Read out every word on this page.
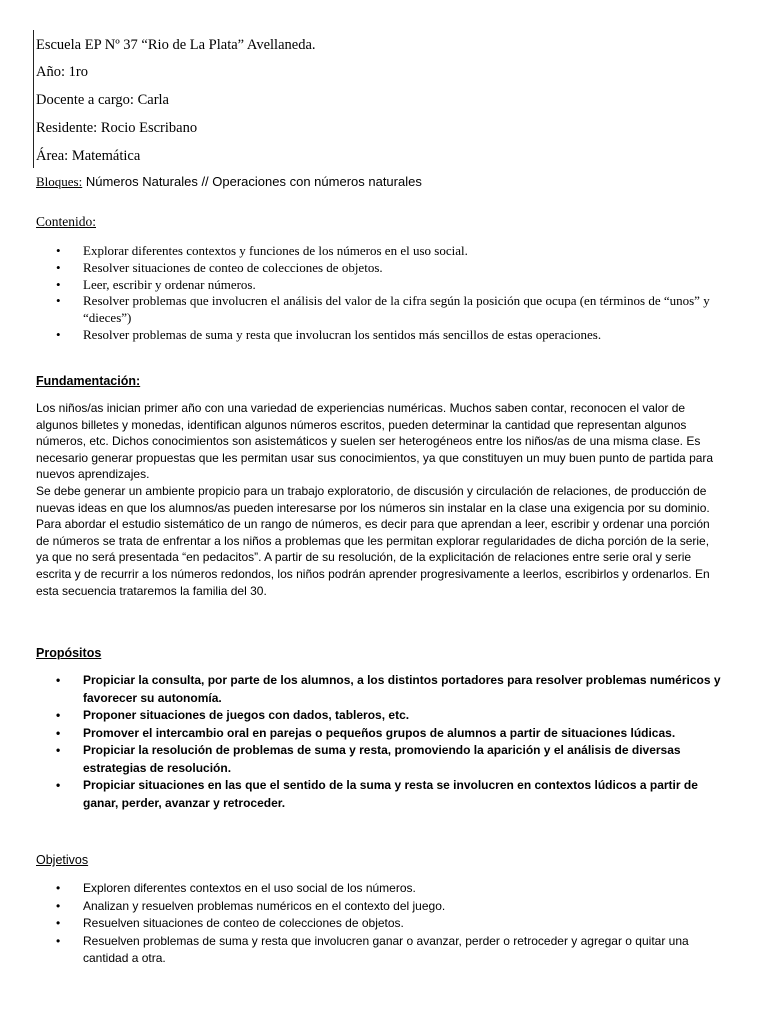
Escuela EP Nº 37 “Rio de La Plata” Avellaneda.
Año: 1ro
Docente a cargo: Carla
Residente: Rocio Escribano
Área: Matemática
Bloques: Números Naturales // Operaciones con números naturales
Contenido:
• Explorar diferentes contextos y funciones de los números en el uso social.
• Resolver situaciones de conteo de colecciones de objetos.
• Leer, escribir y ordenar números.
• Resolver problemas que involucren el análisis del valor de la cifra según la posición que ocupa (en términos de “unos” y “dieces”)
• Resolver problemas de suma y resta que involucran los sentidos más sencillos de estas operaciones.
Fundamentación:

Los niños/as inician primer año con una variedad de experiencias numéricas. Muchos saben contar, reconocen el valor de algunos billetes y monedas, identifican algunos números escritos, pueden determinar la cantidad que representan algunos números, etc. Dichos conocimientos son asistemáticos y suelen ser heterogéneos entre los niños/as de una misma clase. Es necesario generar propuestas que les permitan usar sus conocimientos, ya que constituyen un muy buen punto de partida para nuevos aprendizajes.

Se debe generar un ambiente propicio para un trabajo exploratorio, de discusión y circulación de relaciones, de producción de nuevas ideas en que los alumnos/as pueden interesarse por los números sin instalar en la clase una exigencia por su dominio.

Para abordar el estudio sistemático de un rango de números, es decir para que aprendan a leer, escribir y ordenar una porción de números se trata de enfrentar a los niños a problemas que les permitan explorar regularidades de dicha porción de la serie, ya que no será presentada “en pedacitos”. A partir de su resolución, de la explicitación de relaciones entre serie oral y serie escrita y de recurrir a los números redondos, los niños podrán aprender progresivamente a leerlos, escribirlos y ordenarlos. En esta secuencia trataremos la familia del 30.

Propósitos
• Propiciar la consulta, por parte de los alumnos, a los distintos portadores para resolver problemas numéricos y favorecer su autonomía.
• Proponer situaciones de juegos con dados, tableros, etc.
• Promover el intercambio oral en parejas o pequeños grupos de alumnos a partir de situaciones lúdicas.
• Propiciar la resolución de problemas de suma y resta, promoviendo la aparición y el análisis de diversas estrategias de resolución.
• Propiciar situaciones en las que el sentido de la suma y resta se involucren en contextos lúdicos a partir de ganar, perder, avanzar y retroceder.
Objetivos
• Exploren diferentes contextos en el uso social de los números.
• Analizan y resuelven problemas numéricos en el contexto del juego.
• Resuelven situaciones de conteo de colecciones de objetos.
• Resuelven problemas de suma y resta que involucren ganar o avanzar, perder o retroceder y agregar o quitar una cantidad a otra.
